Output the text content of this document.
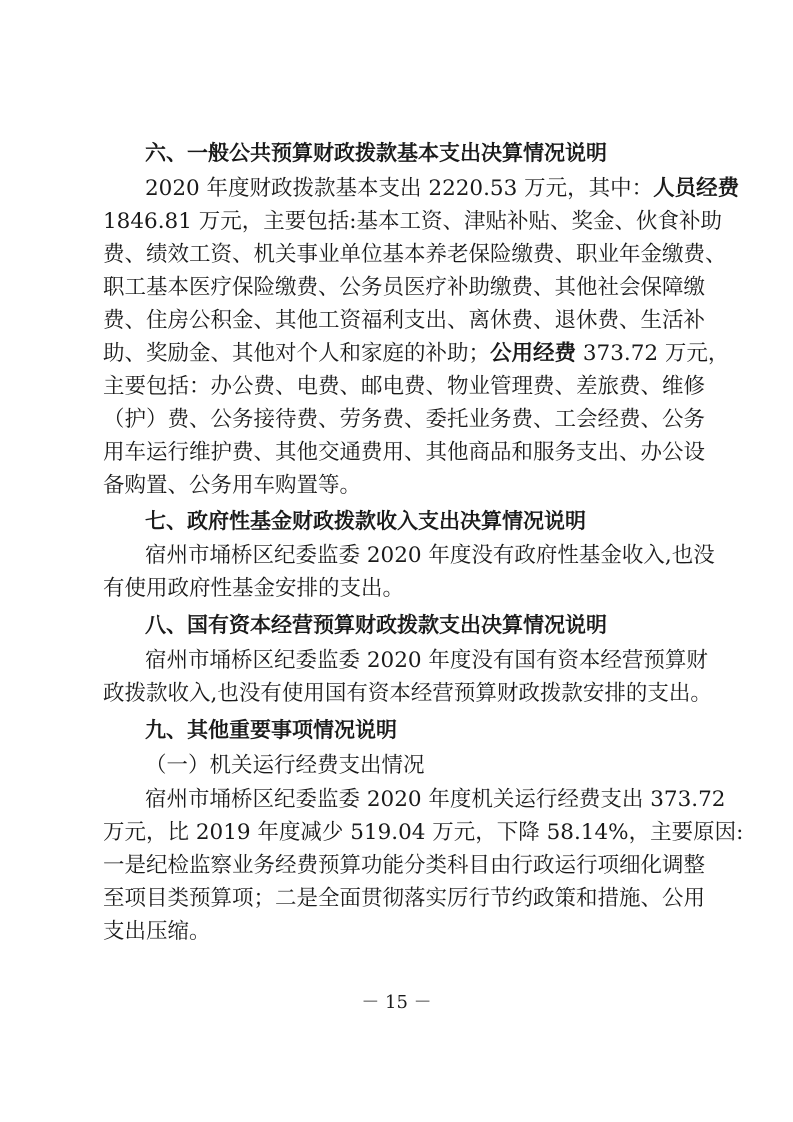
六、一般公共预算财政拨款基本支出决算情况说明
2020 年度财政拨款基本支出 2220.53 万元，其中：人员经费
1846.81 万元，主要包括:基本工资、津贴补贴、奖金、伙食补助
费、绩效工资、机关事业单位基本养老保险缴费、职业年金缴费、
职工基本医疗保险缴费、公务员医疗补助缴费、其他社会保障缴
费、住房公积金、其他工资福利支出、离休费、退休费、生活补
助、奖励金、其他对个人和家庭的补助；公用经费 373.72 万元，
主要包括：办公费、电费、邮电费、物业管理费、差旅费、维修
（护）费、公务接待费、劳务费、委托业务费、工会经费、公务
用车运行维护费、其他交通费用、其他商品和服务支出、办公设
备购置、公务用车购置等。
七、政府性基金财政拨款收入支出决算情况说明
宿州市埇桥区纪委监委 2020 年度没有政府性基金收入,也没
有使用政府性基金安排的支出。
八、国有资本经营预算财政拨款支出决算情况说明
宿州市埇桥区纪委监委 2020 年度没有国有资本经营预算财
政拨款收入,也没有使用国有资本经营预算财政拨款安排的支出。
九、其他重要事项情况说明
（一）机关运行经费支出情况
宿州市埇桥区纪委监委 2020 年度机关运行经费支出 373.72
万元，比 2019 年度减少 519.04 万元，下降 58.14%，主要原因:
一是纪检监察业务经费预算功能分类科目由行政运行项细化调整
至项目类预算项；二是全面贯彻落实厉行节约政策和措施、公用
支出压缩。
－ 15 －
